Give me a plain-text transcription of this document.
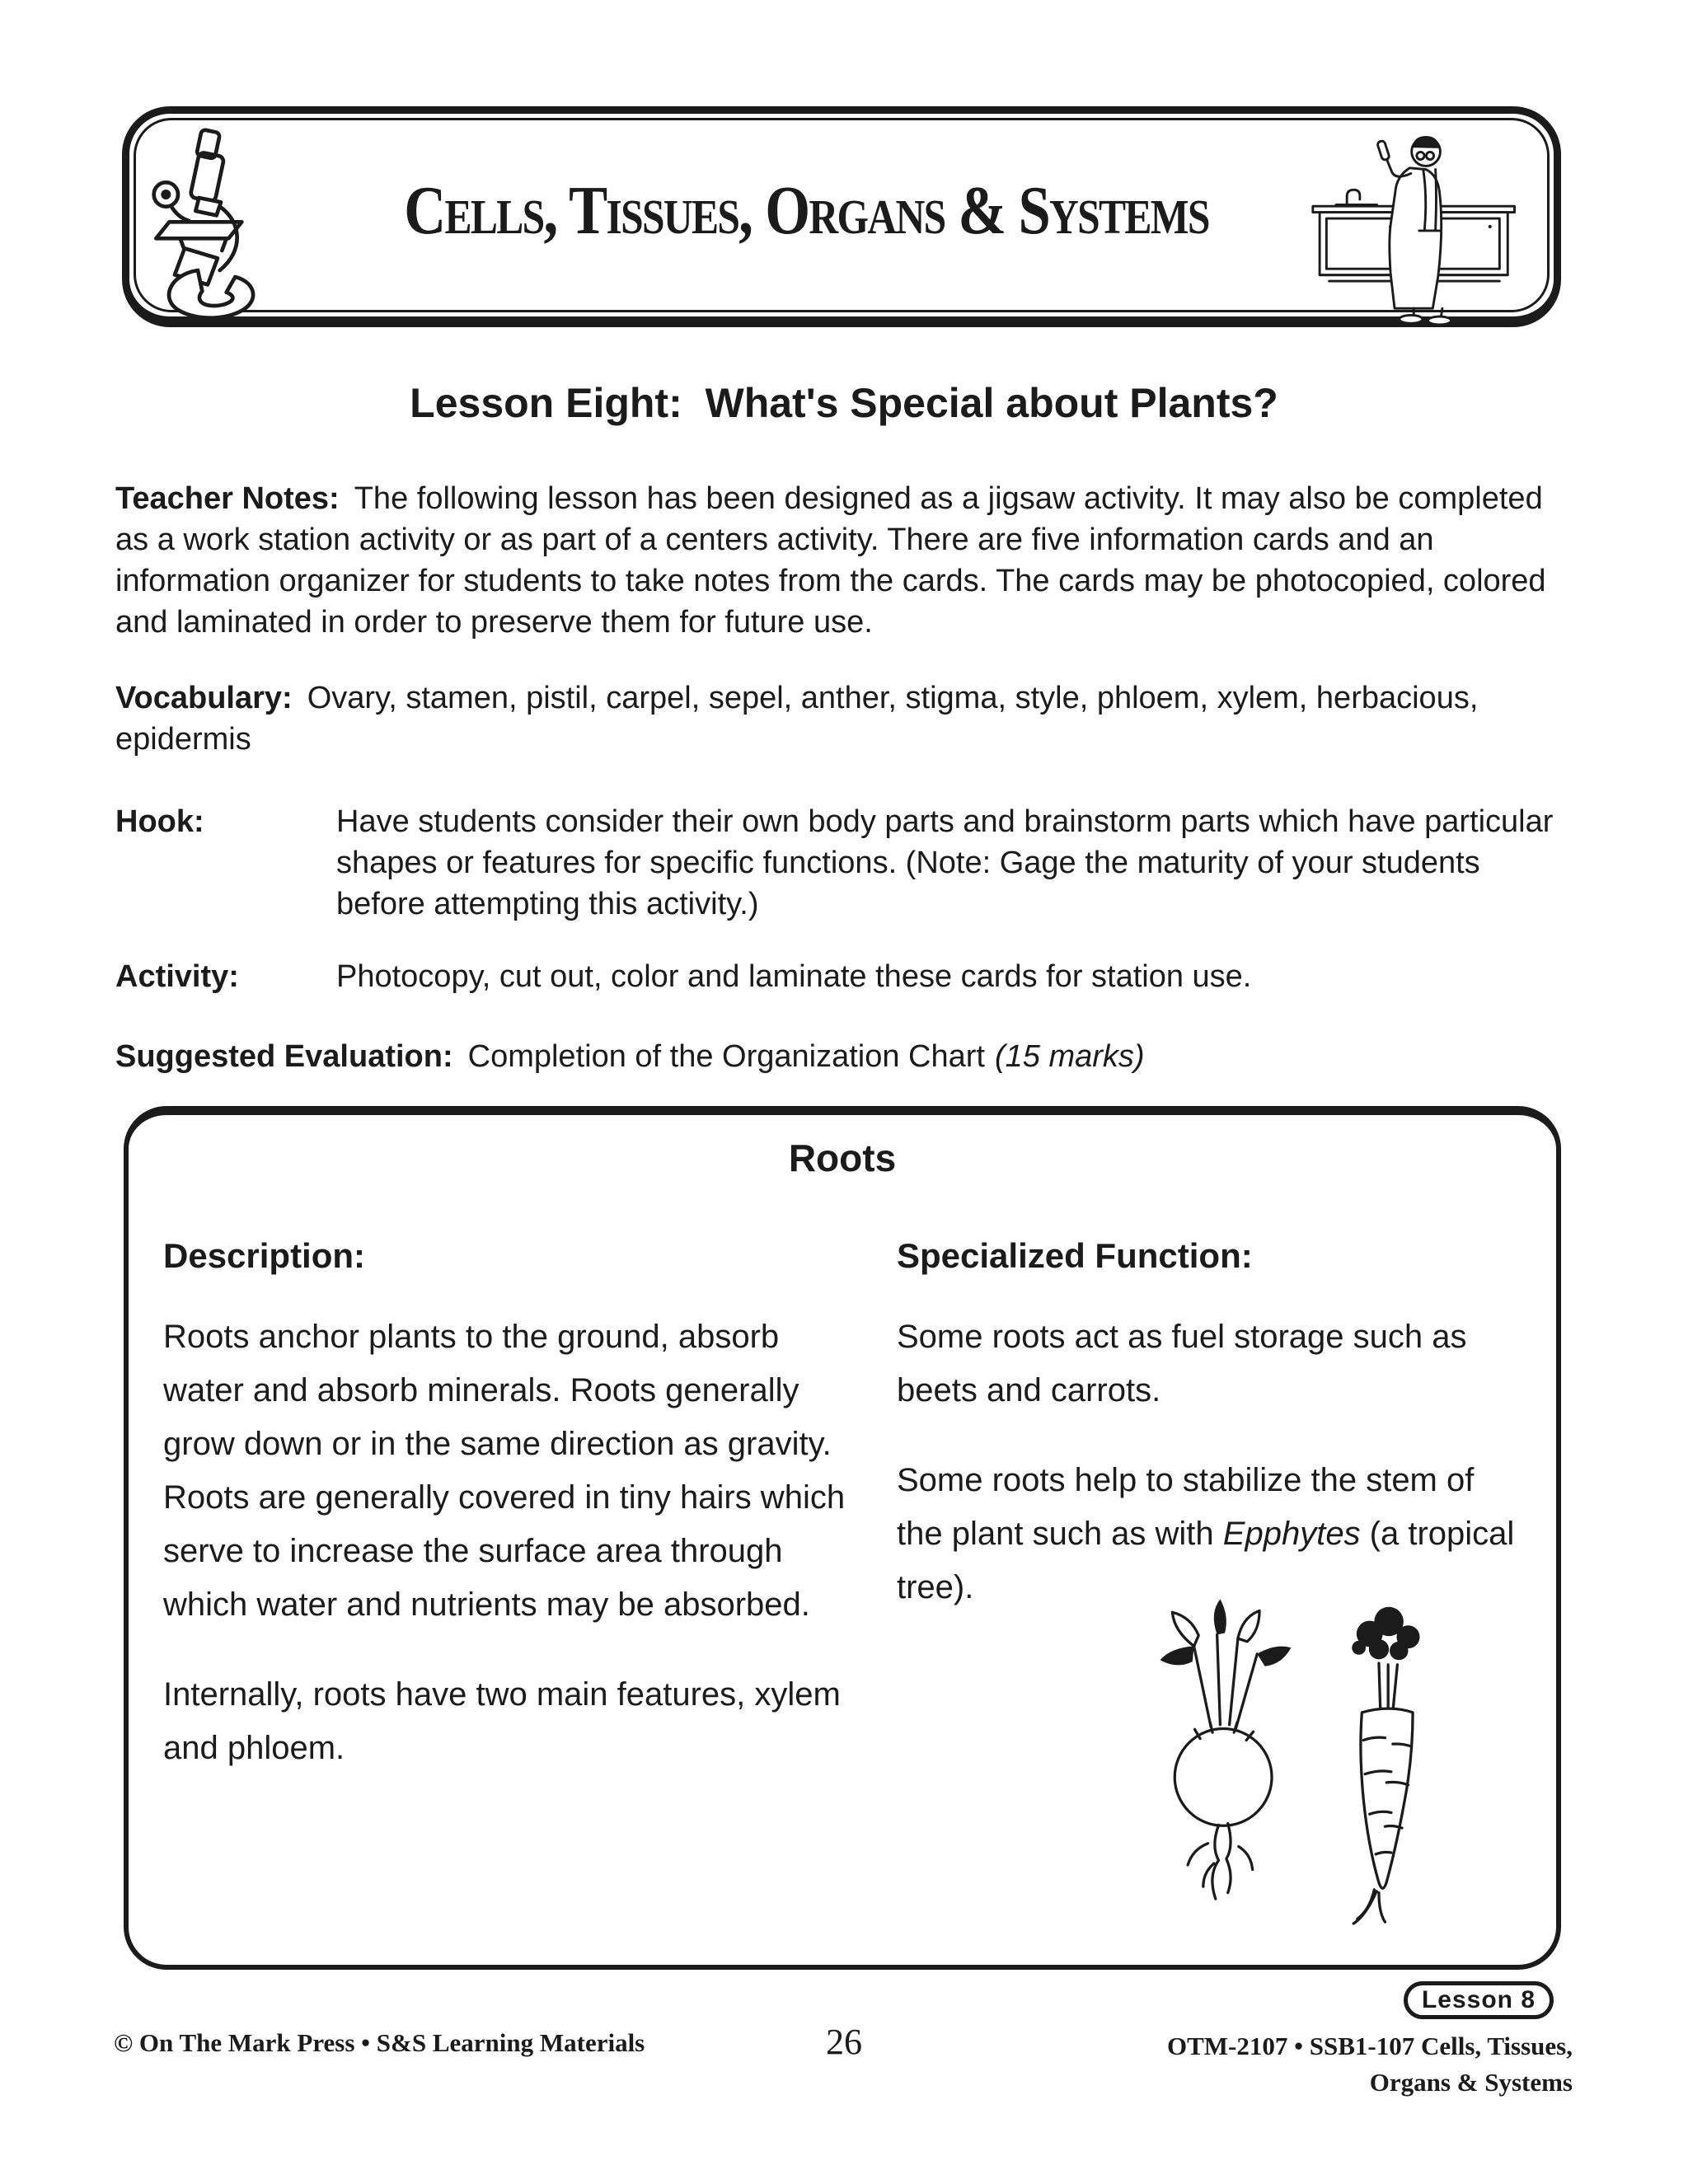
Cells, Tissues, Organs & Systems
Lesson Eight:  What's Special about Plants?

Teacher Notes: The following lesson has been designed as a jigsaw activity. It may also be completed as a work station activity or as part of a centers activity. There are five information cards and an information organizer for students to take notes from the cards. The cards may be photocopied, colored and laminated in order to preserve them for future use.

Vocabulary: Ovary, stamen, pistil, carpel, sepel, anther, stigma, style, phloem, xylem, herbacious, epidermis

Hook:	Have students consider their own body parts and brainstorm parts which have particular shapes or features for specific functions. (Note: Gage the maturity of your students before attempting this activity.)
Activity:	Photocopy, cut out, color and laminate these cards for station use.

Suggested Evaluation: Completion of the Organization Chart (15 marks)

Roots
Description:

Roots anchor plants to the ground, absorb water and absorb minerals. Roots generally grow down or in the same direction as gravity. Roots are generally covered in tiny hairs which serve to increase the surface area through which water and nutrients may be absorbed.

Internally, roots have two main features, xylem and phloem.

Specialized Function:

Some roots act as fuel storage such as beets and carrots.

Some roots help to stabilize the stem of the plant such as with Epphytes (a tropical tree).

Lesson 8
© On The Mark Press • S&S Learning Materials	26	OTM-2107 • SSB1-107 Cells, Tissues,
Organs & Systems
